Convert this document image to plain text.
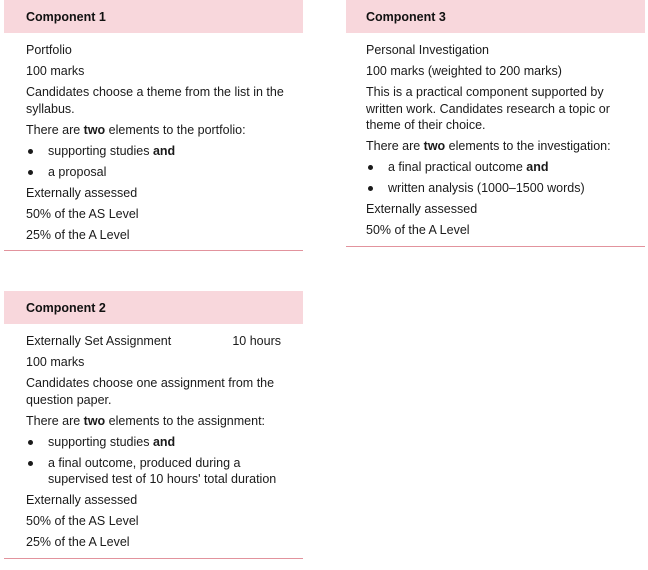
Component 1
Portfolio
100 marks
Candidates choose a theme from the list in the syllabus.
There are two elements to the portfolio:
supporting studies and
a proposal
Externally assessed
50% of the AS Level
25% of the A Level
Component 3
Personal Investigation
100 marks (weighted to 200 marks)
This is a practical component supported by written work. Candidates research a topic or theme of their choice.
There are two elements to the investigation:
a final practical outcome and
written analysis (1000–1500 words)
Externally assessed
50% of the A Level
Component 2
Externally Set Assignment	10 hours
100 marks
Candidates choose one assignment from the question paper.
There are two elements to the assignment:
supporting studies and
a final outcome, produced during a supervised test of 10 hours' total duration
Externally assessed
50% of the AS Level
25% of the A Level
